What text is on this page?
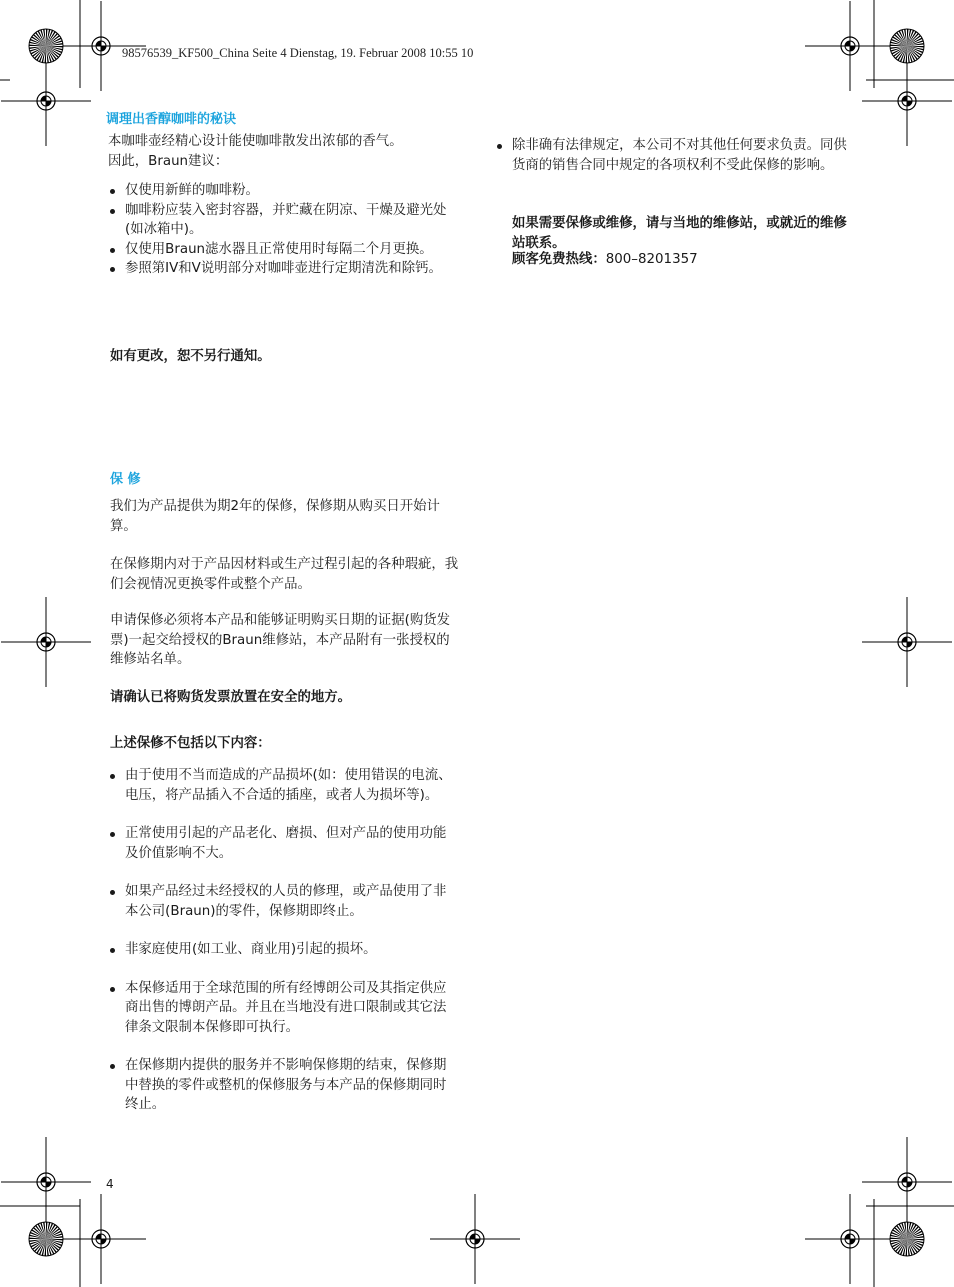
98576539_KF500_China Seite 4 Dienstag, 19. Februar 2008 10:55 10
调理出香醇咖啡的秘诀
本咖啡壶经精心设计能使咖啡散发出浓郁的香气。
因此，Braun建议：
仅使用新鲜的咖啡粉。
咖啡粉应装入密封容器，并贮藏在阴凉、干燥及避光处(如冰箱中)。
仅使用Braun滤水器且正常使用时每隔二个月更换。
参照第IV和V说明部分对咖啡壶进行定期清洗和除钙。
如有更改，恕不另行通知。
保 修
我们为产品提供为期2年的保修，保修期从购买日开始计算。
在保修期内对于产品因材料或生产过程引起的各种瑕疵，我们会视情况更换零件或整个产品。
申请保修必须将本产品和能够证明购买日期的证据(购货发票)一起交给授权的Braun维修站，本产品附有一张授权的维修站名单。
请确认已将购货发票放置在安全的地方。
上述保修不包括以下内容：
由于使用不当而造成的产品损坏(如：使用错误的电流、电压，将产品插入不合适的插座，或者人为损坏等)。
正常使用引起的产品老化、磨损、但对产品的使用功能及价值影响不大。
如果产品经过未经授权的人员的修理，或产品使用了非本公司(Braun)的零件，保修期即终止。
非家庭使用(如工业、商业用)引起的损坏。
本保修适用于全球范围的所有经博朗公司及其指定供应商出售的博朗产品。并且在当地没有进口限制或其它法律条文限制本保修即可执行。
在保修期内提供的服务并不影响保修期的结束，保修期中替换的零件或整机的保修服务与本产品的保修期同时终止。
4
除非确有法律规定，本公司不对其他任何要求负责。同供货商的销售合同中规定的各项权利不受此保修的影响。
如果需要保修或维修，请与当地的维修站，或就近的维修站联系。
顾客免费热线：800–8201357
